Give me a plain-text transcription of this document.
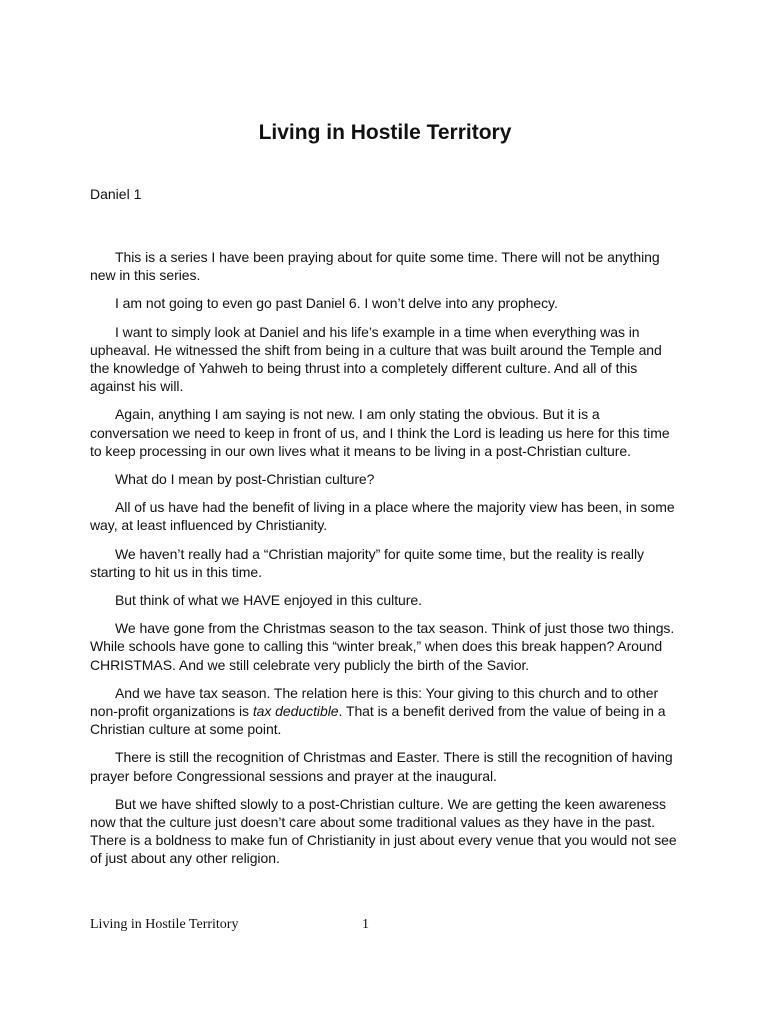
Living in Hostile Territory

Daniel 1

This is a series I have been praying about for quite some time. There will not be anything new in this series.

I am not going to even go past Daniel 6. I won’t delve into any prophecy.

I want to simply look at Daniel and his life’s example in a time when everything was in upheaval. He witnessed the shift from being in a culture that was built around the Temple and the knowledge of Yahweh to being thrust into a completely different culture. And all of this against his will.

Again, anything I am saying is not new. I am only stating the obvious. But it is a conversation we need to keep in front of us, and I think the Lord is leading us here for this time to keep processing in our own lives what it means to be living in a post-Christian culture.

What do I mean by post-Christian culture?

All of us have had the benefit of living in a place where the majority view has been, in some way, at least influenced by Christianity.

We haven’t really had a “Christian majority” for quite some time, but the reality is really starting to hit us in this time.

But think of what we HAVE enjoyed in this culture.

We have gone from the Christmas season to the tax season. Think of just those two things. While schools have gone to calling this “winter break,” when does this break happen? Around CHRISTMAS. And we still celebrate very publicly the birth of the Savior.

And we have tax season. The relation here is this: Your giving to this church and to other non-profit organizations is tax deductible. That is a benefit derived from the value of being in a Christian culture at some point.

There is still the recognition of Christmas and Easter. There is still the recognition of having prayer before Congressional sessions and prayer at the inaugural.

But we have shifted slowly to a post-Christian culture. We are getting the keen awareness now that the culture just doesn’t care about some traditional values as they have in the past. There is a boldness to make fun of Christianity in just about every venue that you would not see of just about any other religion.

Living in Hostile Territory	1
